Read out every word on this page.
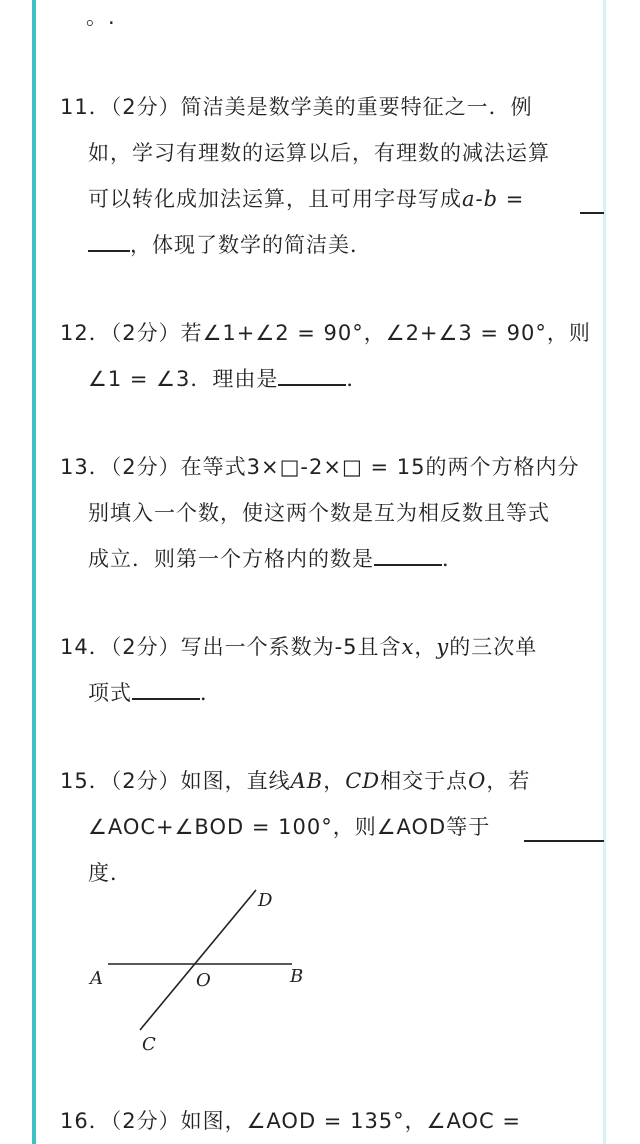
。.
11．（2分）简洁美是数学美的重要特征之一．例
如，学习有理数的运算以后，有理数的减法运算
可以转化成加法运算，且可用字母写成a-b =
，体现了数学的简洁美．
12．（2分）若∠1+∠2 = 90°，∠2+∠3 = 90°，则
∠1 = ∠3．理由是	．
13．（2分）在等式3×□-2×□ = 15的两个方格内分
别填入一个数，使这两个数是互为相反数且等式
成立．则第一个方格内的数是	．
14．（2分）写出一个系数为-5且含x，y的三次单
项式	．
15．（2分）如图，直线AB，CD相交于点O，若
∠AOC+∠BOD = 100°，则∠AOD等于
度．
D
A	O	B
C
16．（2分）如图，∠AOD = 135°，∠AOC =
